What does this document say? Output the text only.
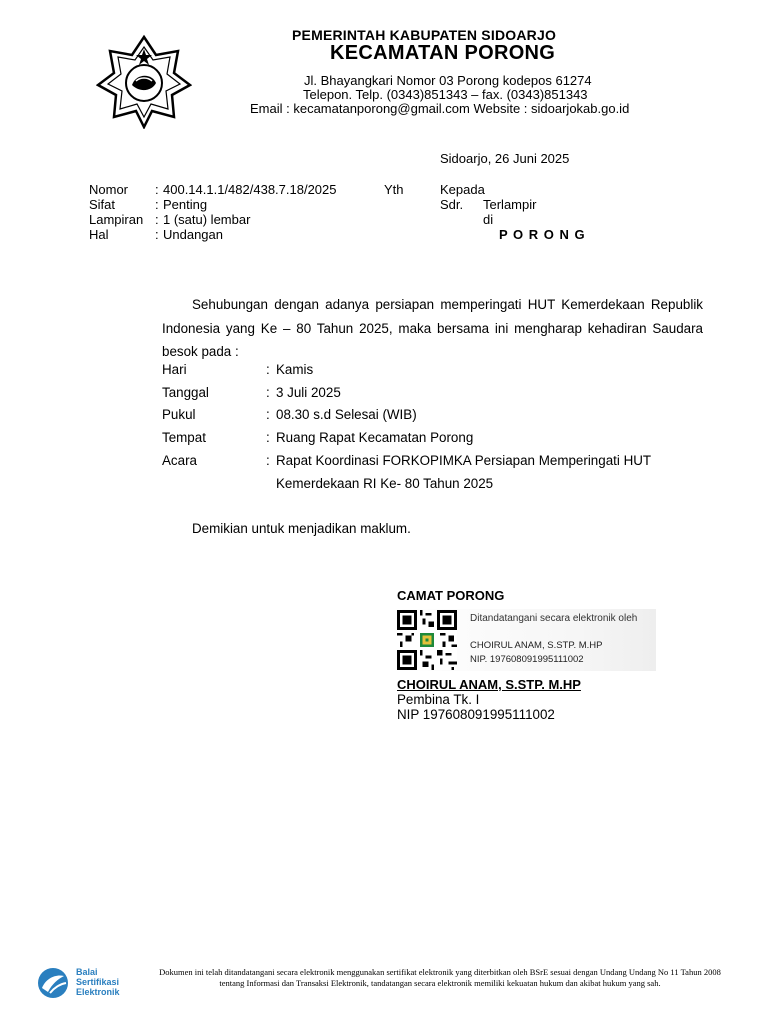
PEMERINTAH KABUPATEN SIDOARJO
KECAMATAN PORONG
Jl. Bhayangkari Nomor 03 Porong kodepos 61274
Telepon. Telp. (0343)851343 – fax. (0343)851343
Email : kecamatanporong@gmail.com Website : sidoarjokab.go.id
Sidoarjo, 26 Juni 2025
Nomor : 400.14.1.1/482/438.7.18/2025
Sifat	: Penting
Lampiran : 1 (satu) lembar
Hal	: Undangan
Yth	Kepada
Sdr. Terlampir
di
P O R O N G
Sehubungan dengan adanya persiapan memperingati HUT Kemerdekaan Republik Indonesia yang Ke – 80 Tahun 2025, maka bersama ini mengharap kehadiran Saudara besok pada :
Hari	: Kamis
Tanggal	: 3 Juli 2025
Pukul	: 08.30 s.d Selesai (WIB)
Tempat	: Ruang Rapat Kecamatan Porong
Acara	: Rapat Koordinasi FORKOPIMKA Persiapan Memperingati HUT
Kemerdekaan RI Ke- 80 Tahun 2025
Demikian untuk menjadikan maklum.
CAMAT PORONG
Ditandatangani secara elektronik oleh
CHOIRUL ANAM, S.STP. M.HP
NIP. 197608091995111002
CHOIRUL ANAM, S.STP. M.HP
Pembina Tk. I
NIP 197608091995111002
Balai
Sertifikasi
Elektronik
Dokumen ini telah ditandatangani secara elektronik menggunakan sertifikat elektronik yang diterbitkan oleh BSrE sesuai dengan Undang Undang No 11 Tahun 2008 tentang Informasi dan Transaksi Elektronik, tandatangan secara elektronik memiliki kekuatan hukum dan akibat hukum yang sah.
